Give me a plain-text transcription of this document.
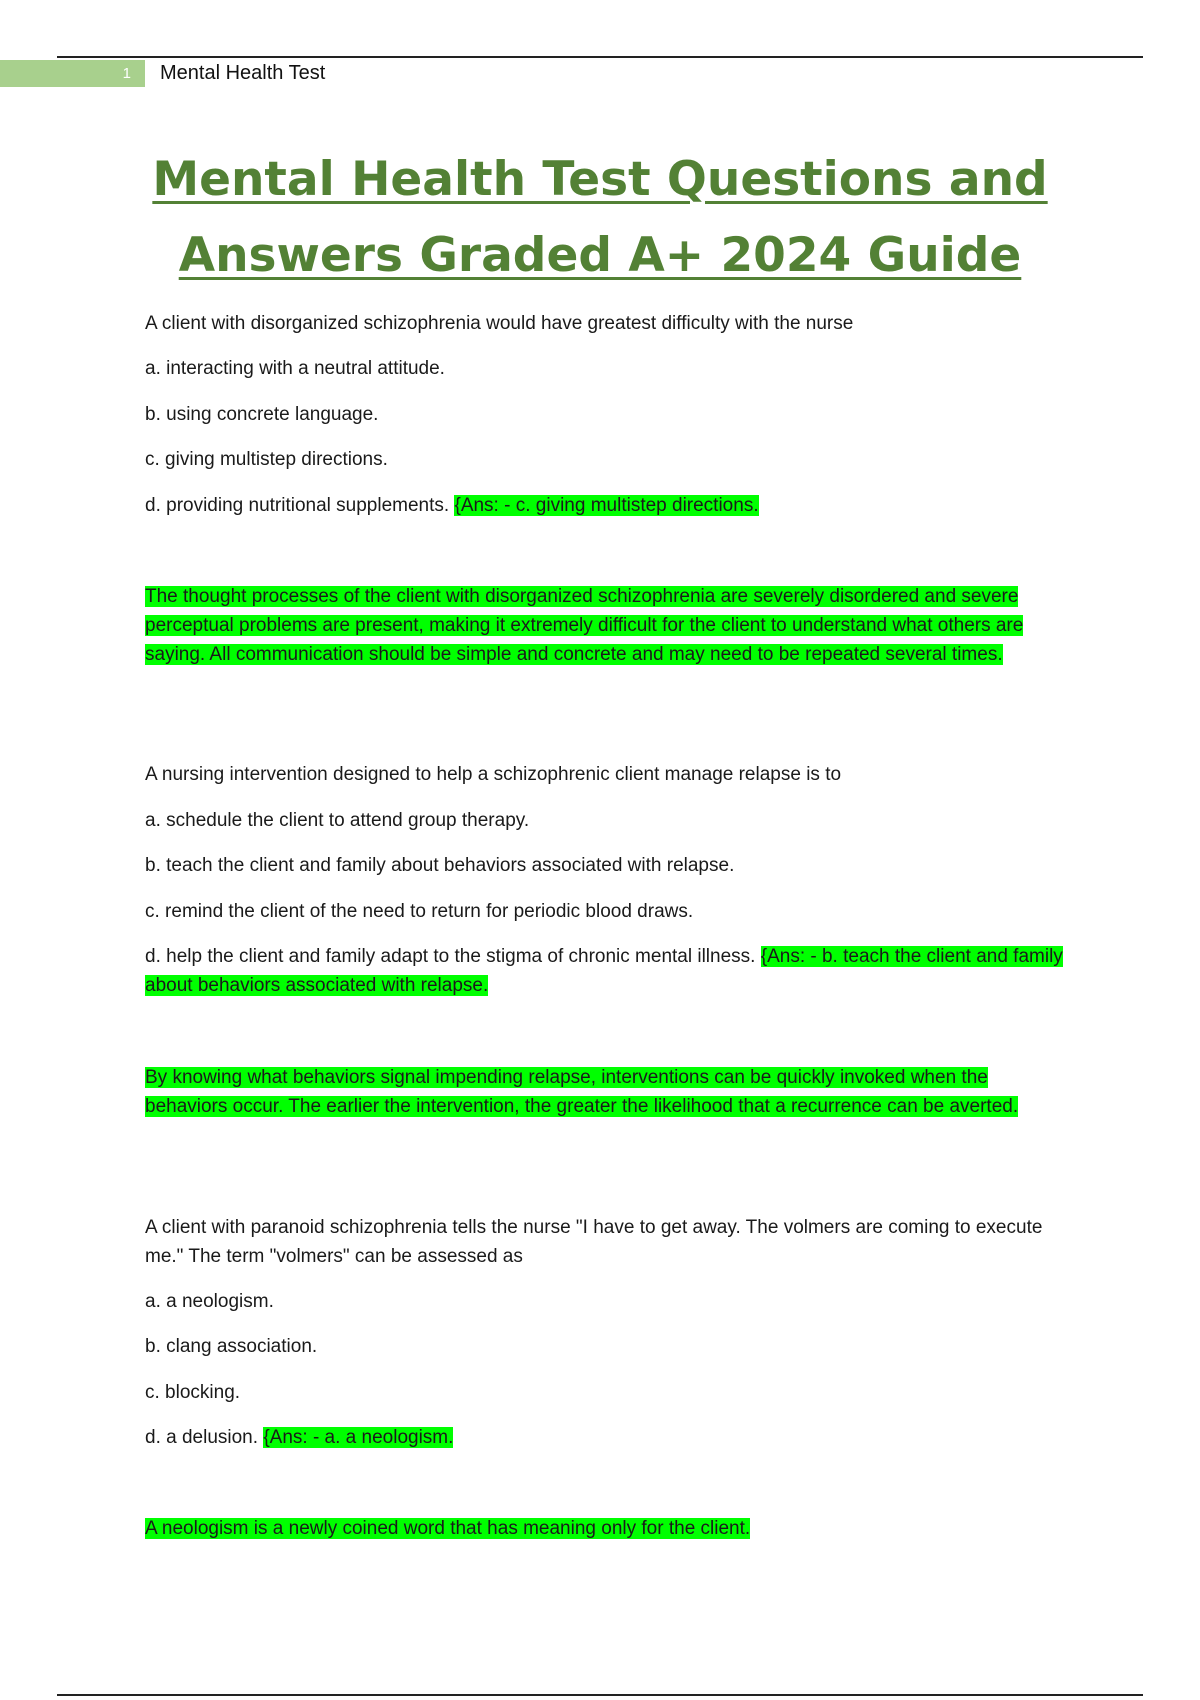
1	Mental Health Test
Mental Health Test Questions and
Answers Graded A+ 2024 Guide

A client with disorganized schizophrenia would have greatest difficulty with the nurse

a. interacting with a neutral attitude.

b. using concrete language.

c. giving multistep directions.

d. providing nutritional supplements. {Ans: - c. giving multistep directions.

The thought processes of the client with disorganized schizophrenia are severely disordered and severe perceptual problems are present, making it extremely difficult for the client to understand what others are saying. All communication should be simple and concrete and may need to be repeated several times.

A nursing intervention designed to help a schizophrenic client manage relapse is to

a. schedule the client to attend group therapy.

b. teach the client and family about behaviors associated with relapse.

c. remind the client of the need to return for periodic blood draws.

d. help the client and family adapt to the stigma of chronic mental illness. {Ans: - b. teach the client and family about behaviors associated with relapse.

By knowing what behaviors signal impending relapse, interventions can be quickly invoked when the behaviors occur. The earlier the intervention, the greater the likelihood that a recurrence can be averted.

A client with paranoid schizophrenia tells the nurse "I have to get away. The volmers are coming to execute me." The term "volmers" can be assessed as

a. a neologism.

b. clang association.

c. blocking.

d. a delusion. {Ans: - a. a neologism.

A neologism is a newly coined word that has meaning only for the client.
